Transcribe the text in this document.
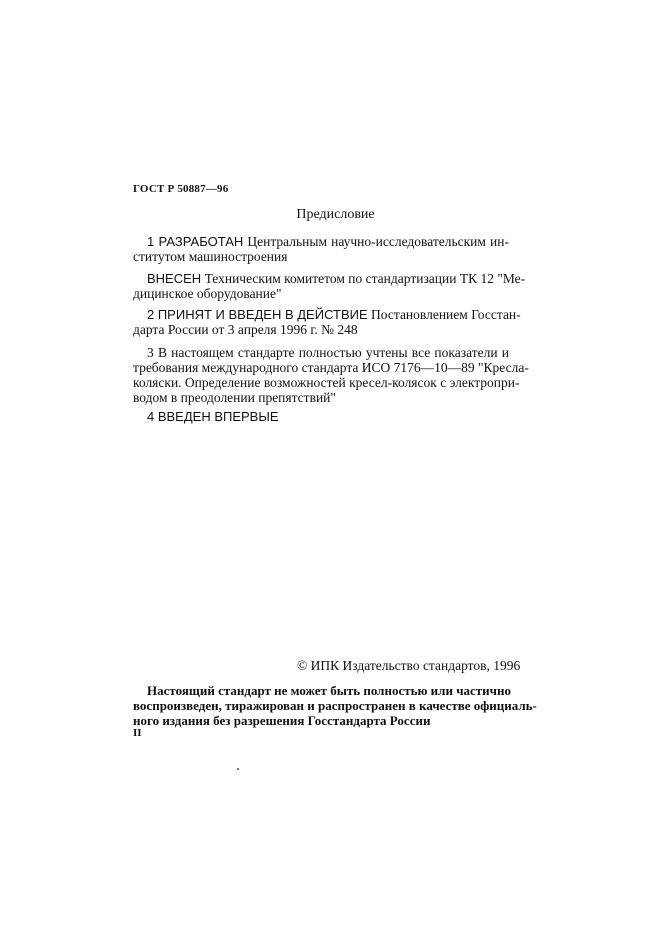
ГОСТ Р 50887—96
Предисловие
1 РАЗРАБОТАН Центральным научно-исследовательским ин-
ститутом машиностроения
ВНЕСЕН Техническим комитетом по стандартизации ТК 12 "Ме-
дицинское оборудование"
2 ПРИНЯТ И ВВЕДЕН В ДЕЙСТВИЕ Постановлением Госстан-
дарта России от 3 апреля 1996 г. № 248
3 В настоящем стандарте полностью учтены все показатели и
требования международного стандарта ИСО 7176—10—89 "Кресла-
коляски. Определение возможностей кресел-колясок с электропри-
водом в преодолении препятствий"
4 ВВЕДЕН ВПЕРВЫЕ
© ИПК Издательство стандартов, 1996
Настоящий стандарт не может быть полностью или частично
воспроизведен, тиражирован и распространен в качестве официаль-
ного издания без разрешения Госстандарта России
II
